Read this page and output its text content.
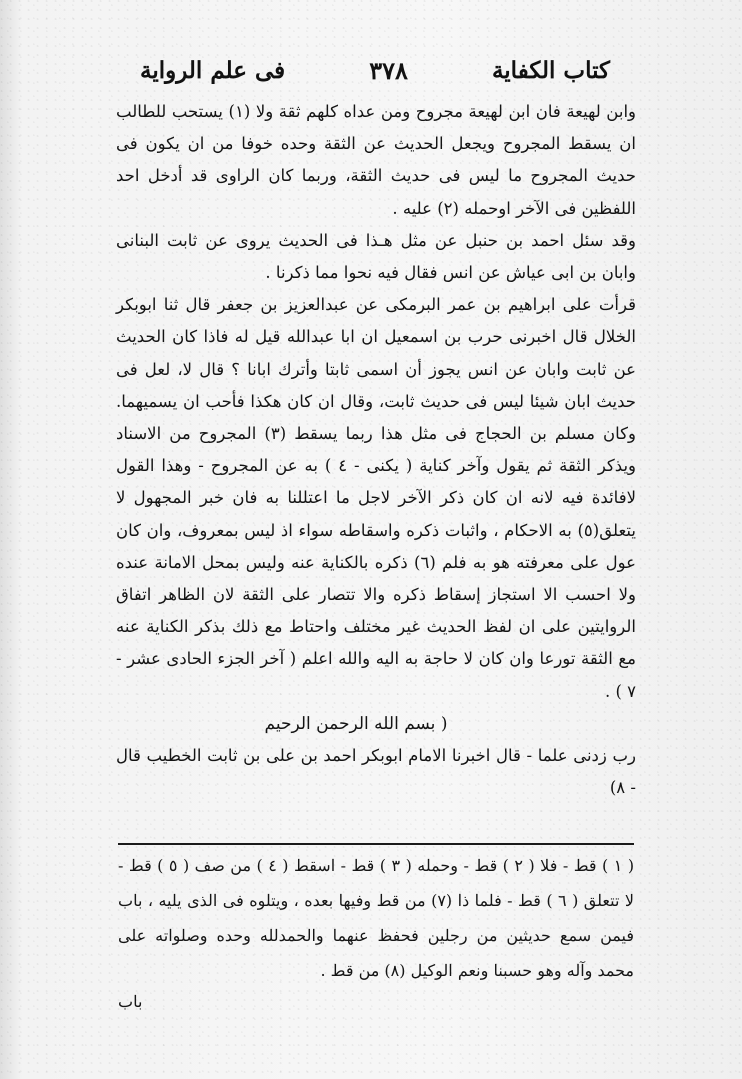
كتاب الكفاية
٣٧٨
فى علم الرواية

وابن لهيعة فان ابن لهيعة مجروح ومن عداه كلهم ثقة ولا (١) يستحب للطالب ان يسقط المجروح ويجعل الحديث عن الثقة وحده خوفا من ان يكون فى حديث المجروح ما ليس فى حديث الثقة، وربما كان الراوى قد أدخل احد اللفظين فى الآخر اوحمله (٢) عليه .

وقد سئل احمد بن حنبل عن مثل هـذا فى الحديث يروى عن ثابت البنانى وابان بن ابى عياش عن انس فقال فيه نحوا مما ذكرنا .

قرأت على ابراهيم بن عمر البرمكى عن عبدالعزيز بن جعفر قال ثنا ابوبكر الخلال قال اخبرنى حرب بن اسمعيل ان ابا عبدالله قيل له فاذا كان الحديث عن ثابت وابان عن انس يجوز أن اسمى ثابتا وأترك ابانا ؟ قال لا، لعل فى حديث ابان شيئا ليس فى حديث ثابت، وقال ان كان هكذا فأحب ان يسميهما. وكان مسلم بن الحجاج فى مثل هذا ربما يسقط (٣) المجروح من الاسناد ويذكر الثقة ثم يقول وآخر كناية ( يكنى - ٤ ) به عن المجروح - وهذا القول لافائدة فيه لانه ان كان ذكر الآخر لاجل ما اعتللنا به فان خبر المجهول لا يتعلق(٥) به الاحكام ، واثبات ذكره واسقاطه سواء اذ ليس بمعروف، وان كان عول على معرفته هو به فلم (٦) ذكره بالكناية عنه وليس بمحل الامانة عنده ولا احسب الا استجاز إسقاط ذكره والا تتصار على الثقة لان الظاهر اتفاق الروايتين على ان لفظ الحديث غير مختلف واحتاط مع ذلك بذكر الكناية عنه مع الثقة تورعا وان كان لا حاجة به اليه والله اعلم ( آخر الجزء الحادى عشر - ٧ ) .

( بسم الله الرحمن الرحيم

رب زدنى علما - قال اخبرنا الامام ابوبكر احمد بن على بن ثابت الخطيب قال - ٨)

( ١ ) قط - فلا ( ٢ ) قط - وحمله ( ٣ ) قط - اسقط ( ٤ ) من صف ( ٥ ) قط - لا تتعلق ( ٦ ) قط - فلما ذا (٧) من قط وفيها بعده ، ويتلوه فى الذى يليه ، باب فيمن سمع حديثين من رجلين فحفظ عنهما والحمدلله وحده وصلواته على محمد وآله وهو حسبنا ونعم الوكيل (٨) من قط .

باب
